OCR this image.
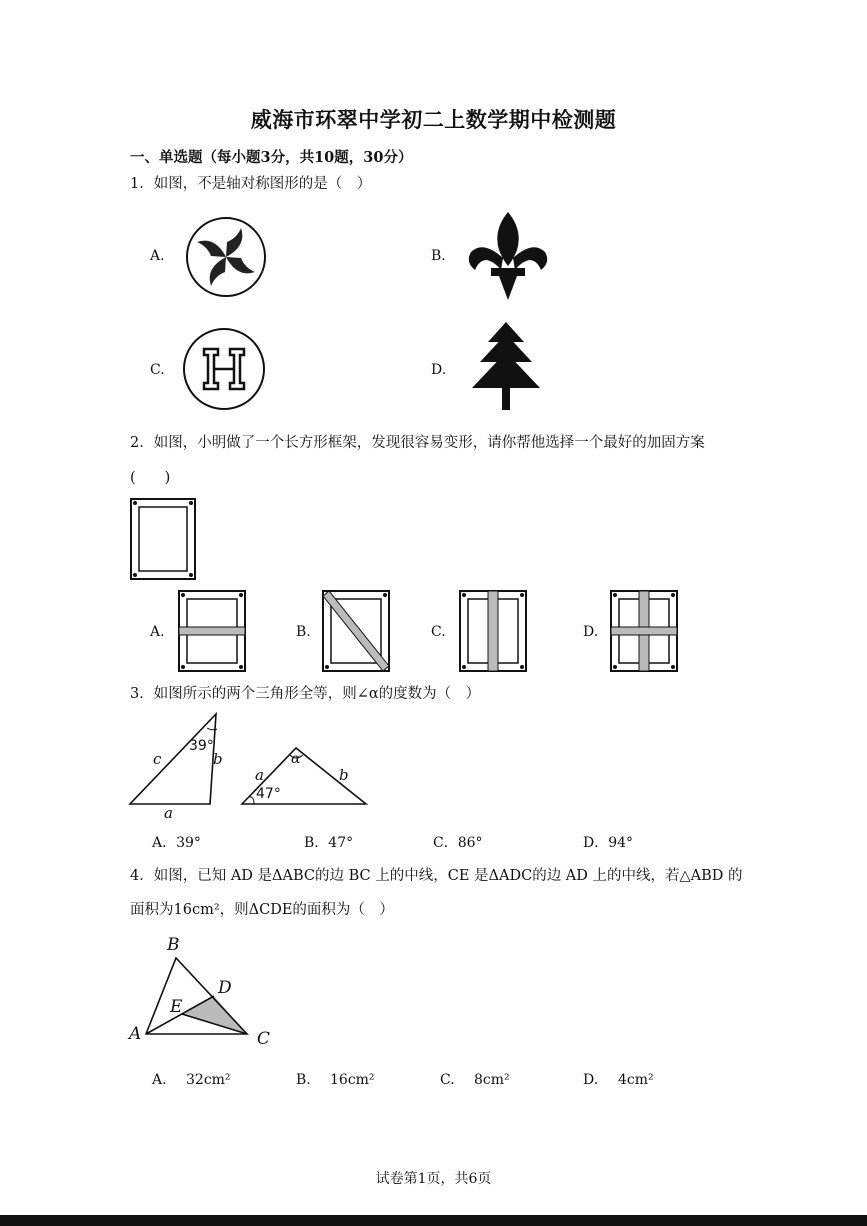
威海市环翠中学初二上数学期中检测题
一、单选题（每小题3分，共10题，30分）
1．如图，不是轴对称图形的是（　）
A.	B.
C.	D.
2．如图，小明做了一个长方形框架，发现很容易变形，请你帮他选择一个最好的加固方案
(　　)
A.	B.	C.	D.
3．如图所示的两个三角形全等，则∠α的度数为（　）
c	b
a
39°
α
a	b
47°
A．39°	B．47°	C．86°	D．94°
4．如图，已知 AD 是ΔABC的边 BC 上的中线，CE 是ΔADC的边 AD 上的中线，若△ABD 的
面积为16cm²，则ΔCDE的面积为（　）
B
D
E
A	C
A. 32cm²	B. 16cm²	C. 8cm²	D. 4cm²
试卷第1页，共6页
